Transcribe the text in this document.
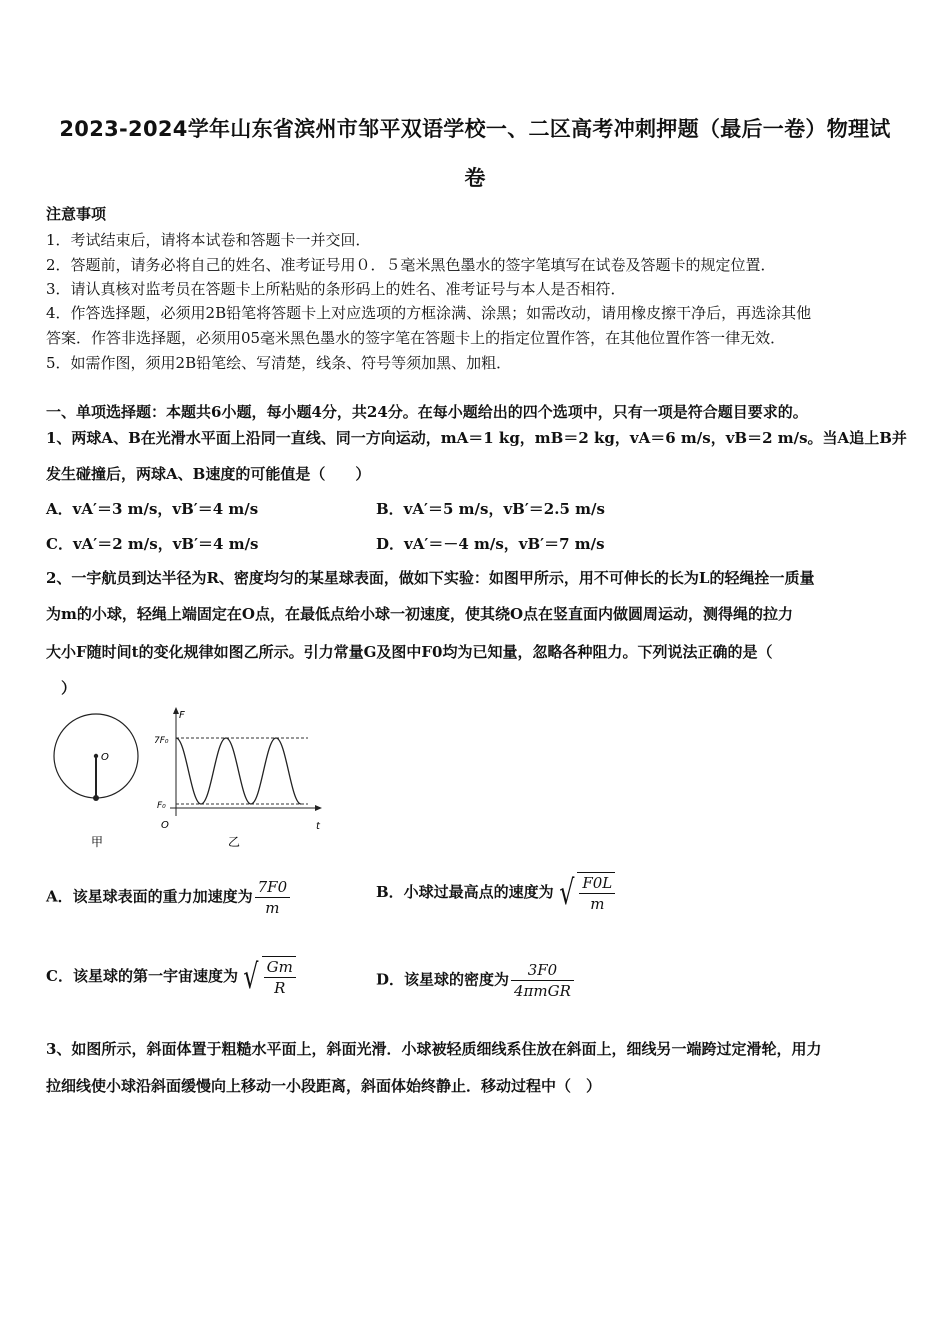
2023-2024学年山东省滨州市邹平双语学校一、二区高考冲刺押题（最后一卷）物理试
卷
注意事项
1．考试结束后，请将本试卷和答题卡一并交回．
2．答题前，请务必将自己的姓名、准考证号用０．５毫米黑色墨水的签字笔填写在试卷及答题卡的规定位置．
3．请认真核对监考员在答题卡上所粘贴的条形码上的姓名、准考证号与本人是否相符．
4．作答选择题，必须用2B铅笔将答题卡上对应选项的方框涂满、涂黑；如需改动，请用橡皮擦干净后，再选涂其他
答案．作答非选择题，必须用05毫米黑色墨水的签字笔在答题卡上的指定位置作答，在其他位置作答一律无效．
5．如需作图，须用2B铅笔绘、写清楚，线条、符号等须加黑、加粗．
一、单项选择题：本题共6小题，每小题4分，共24分。在每小题给出的四个选项中，只有一项是符合题目要求的。
1、两球A、B在光滑水平面上沿同一直线、同一方向运动，mA＝1 kg，mB＝2 kg，vA＝6 m/s，vB＝2 m/s。当A追上B并
发生碰撞后，两球A、B速度的可能值是（　　）
A．vA′＝3 m/s，vB′＝4 m/s	B．vA′＝5 m/s，vB′＝2.5 m/s
C．vA′＝2 m/s，vB′＝4 m/s	D．vA′＝－4 m/s，vB′＝7 m/s
2、一宇航员到达半径为R、密度均匀的某星球表面，做如下实验：如图甲所示，用不可伸长的长为L的轻绳拴一质量
为m的小球，轻绳上端固定在O点，在最低点给小球一初速度，使其绕O点在竖直面内做圆周运动，测得绳的拉力
大小F随时间t的变化规律如图乙所示。引力常量G及图中F0均为已知量，忽略各种阻力。下列说法正确的是（
　）
O
甲
F
t
O
7F₀
F₀
乙
A．该星球表面的重力加速度为 $\frac{7F0}{m}$	B．小球过最高点的速度为 √ $\frac{F0L}{m}$
C．该星球的第一宇宙速度为 √ $\frac{Gm}{R}$	D．该星球的密度为 $\frac{3F0}{\text{4πmGR}}$
3、如图所示，斜面体置于粗糙水平面上，斜面光滑．小球被轻质细线系住放在斜面上，细线另一端跨过定滑轮，用力
拉细线使小球沿斜面缓慢向上移动一小段距离，斜面体始终静止．移动过程中（　）
